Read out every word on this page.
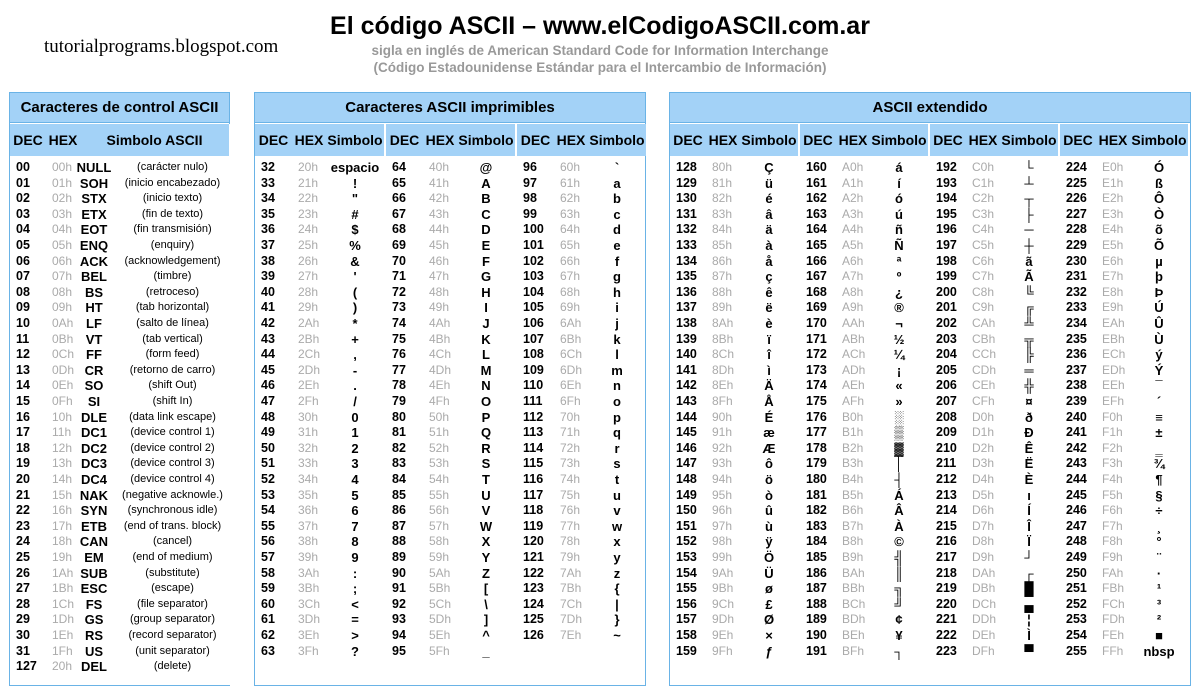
tutorialprograms.blogspot.com
El código ASCII – www.elCodigoASCII.com.ar
sigla en inglés de American Standard Code for Information Interchange
(Código Estadounidense Estándar para el Intercambio de Información)
Caracteres de control ASCII
DEC HEX	Simbolo ASCII
00	00h NULL	(carácter nulo)
01	01h SOH	(inicio encabezado)
02	02h STX	(inicio texto)
03	03h ETX	(fin de texto)
04	04h EOT	(fin transmisión)
05	05h ENQ	(enquiry)
06	06h ACK	(acknowledgement)
07	07h BEL	(timbre)
08	08h BS	(retroceso)
09	09h	HT	(tab horizontal)
10	0Ah LF	(salto de línea)
11	0Bh VT	(tab vertical)
12	0Ch FF	(form feed)
13	0Dh CR	(retorno de carro)
14	0Eh SO	(shift Out)
15	0Fh	SI	(shift In)
16	10h DLE	(data link escape)
17	11h DC1	(device control 1)
18	12h DC2	(device control 2)
19	13h DC3	(device control 3)
20	14h DC4	(device control 4)
21	15h NAK	(negative acknowle.)
22	16h SYN	(synchronous idle)
23	17h ETB	(end of trans. block)
24	18h CAN	(cancel)
25	19h EM	(end of medium)
26	1Ah SUB	(substitute)
27	1Bh ESC	(escape)
28	1Ch FS	(file separator)
29	1Dh GS	(group separator)
30	1Eh RS	(record separator)
31	1Fh US	(unit separator)
127	20h DEL	(delete)
Caracteres ASCII imprimibles
DEC HEX Simbolo
32	20h espacio
33	21h	!
34	22h	"
35	23h	#
36	24h	$
37	25h	%
38	26h	&
39	27h	'
40	28h	(
41	29h	)
42	2Ah	*
43	2Bh	+
44	2Ch	,
45	2Dh	-
46	2Eh	.
47	2Fh	/
48	30h	0
49	31h	1
50	32h	2
51	33h	3
52	34h	4
53	35h	5
54	36h	6
55	37h	7
56	38h	8
57	39h	9
58	3Ah	:
59	3Bh	;
60	3Ch	<
61	3Dh	=
62	3Eh	>
63	3Fh	?
DEC HEX Simbolo
64	40h	@
65	41h	A
66	42h	B
67	43h	C
68	44h	D
69	45h	E
70	46h	F
71	47h	G
72	48h	H
73	49h	I
74	4Ah	J
75	4Bh	K
76	4Ch	L
77	4Dh	M
78	4Eh	N
79	4Fh	O
80	50h	P
81	51h	Q
82	52h	R
83	53h	S
84	54h	T
85	55h	U
86	56h	V
87	57h	W
88	58h	X
89	59h	Y
90	5Ah	Z
91	5Bh	[
92	5Ch	\
93	5Dh	]
94	5Eh	^
95	5Fh	_
DEC HEX Simbolo
96	60h	`
97	61h	a
98	62h	b
99	63h	c
100	64h	d
101	65h	e
102	66h	f
103	67h	g
104	68h	h
105	69h	i
106	6Ah	j
107	6Bh	k
108	6Ch	l
109	6Dh	m
110	6Eh	n
111	6Fh	o
112	70h	p
113	71h	q
114	72h	r
115	73h	s
116	74h	t
117	75h	u
118	76h	v
119	77h	w
120	78h	x
121	79h	y
122	7Ah	z
123	7Bh	{
124	7Ch	|
125	7Dh	}
126	7Eh	~
ASCII extendido
DEC HEX Simbolo
128	80h	Ç
129	81h	ü
130	82h	é
131	83h	â
132	84h	ä
133	85h	à
134	86h	å
135	87h	ç
136	88h	ê
137	89h	ë
138	8Ah	è
139	8Bh	ï
140	8Ch	î
141	8Dh	ì
142	8Eh	Ä
143	8Fh	Å
144	90h	É
145	91h	æ
146	92h	Æ
147	93h	ô
148	94h	ö
149	95h	ò
150	96h	û
151	97h	ù
152	98h	ÿ
153	99h	Ö
154	9Ah	Ü
155	9Bh	ø
156	9Ch	£
157	9Dh	Ø
158	9Eh	×
159	9Fh	ƒ
DEC HEX Simbolo
160	A0h	á
161	A1h	í
162	A2h	ó
163	A3h	ú
164	A4h	ñ
165	A5h	Ñ
166	A6h	ª
167	A7h	º
168	A8h	¿
169	A9h	®
170	AAh	¬
171	ABh	½
172	ACh	¼
173	ADh	¡
174	AEh	«
175	AFh	»
176	B0h	░
177	B1h	▒
178	B2h	▓
179	B3h	│
180	B4h	┤
181	B5h	Á
182	B6h	Â
183	B7h	À
184	B8h	©
185	B9h	╣
186	BAh	║
187	BBh	╗
188	BCh	╝
189	BDh	¢
190	BEh	¥
191	BFh	┐
DEC HEX Simbolo
192	C0h	└
193	C1h	┴
194	C2h	┬
195	C3h	├
196	C4h	─
197	C5h	┼
198	C6h	ã
199	C7h	Ã
200	C8h	╚
201	C9h	╔
202	CAh	╩
203	CBh	╦
204	CCh	╠
205	CDh	═
206	CEh	╬
207	CFh	¤
208	D0h	ð
209	D1h	Ð
210	D2h	Ê
211	D3h	Ë
212	D4h	È
213	D5h	ı
214	D6h	Í
215	D7h	Î
216	D8h	Ï
217	D9h	┘
218	DAh	┌
219	DBh	█
220	DCh	▄
221	DDh	¦
222	DEh	Ì
223	DFh	▀
DEC HEX Simbolo
224	E0h	Ó
225	E1h	ß
226	E2h	Ô
227	E3h	Ò
228	E4h	õ
229	E5h	Õ
230	E6h	µ
231	E7h	þ
232	E8h	Þ
233	E9h	Ú
234	EAh	Û
235	EBh	Ù
236	ECh	ý
237	EDh	Ý
238	EEh	¯
239	EFh	´
240	F0h	≡
241	F1h	±
242	F2h	‗
243	F3h	¾
244	F4h	¶
245	F5h	§
246	F6h	÷
247	F7h	¸
248	F8h	°
249	F9h	¨
250	FAh	·
251	FBh	¹
252	FCh	³
253	FDh	²
254	FEh	■
255	FFh	nbsp
